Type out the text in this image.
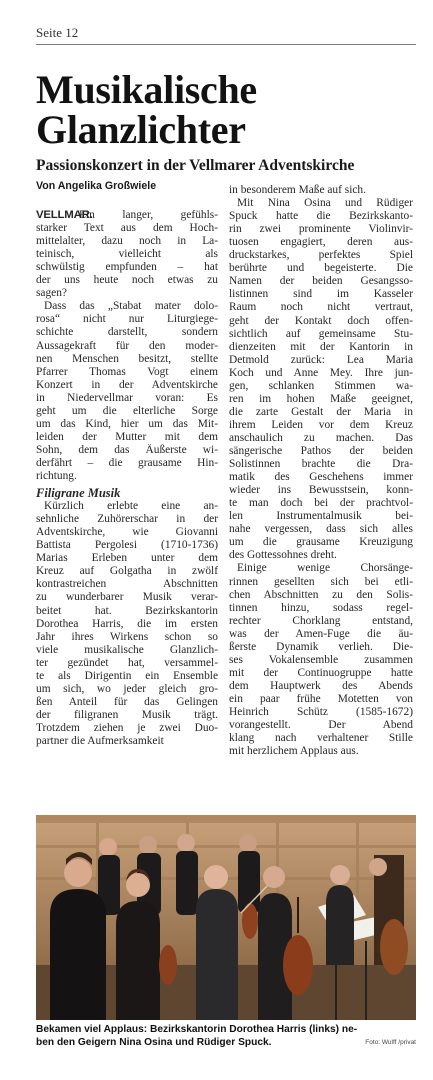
Seite 12
Musikalische
Glanzlichter
Passionskonzert in der Vellmarer Adventskirche
Von Angelika Großwiele
VELLMAR.
Ein langer, gefühls-
starker Text aus dem Hoch-
mittelalter, dazu noch in La-
teinisch, vielleicht als
schwülstig empfunden – hat
der uns heute noch etwas zu
sagen?
Dass das „Stabat mater dolo-
rosa“ nicht nur Liturgiege-
schichte darstellt, sondern
Aussagekraft für den moder-
nen Menschen besitzt, stellte
Pfarrer Thomas Vogt einem
Konzert in der Adventskirche
in Niedervellmar voran: Es
geht um die elterliche Sorge
um das Kind, hier um das Mit-
leiden der Mutter mit dem
Sohn, dem das Äußerste wi-
derfährt – die grausame Hin-
richtung.
Filigrane Musik
Kürzlich erlebte eine an-
sehnliche Zuhörerschar in der
Adventskirche, wie Giovanni
Battista Pergolesi (1710-1736)
Marias Erleben unter dem
Kreuz auf Golgatha in zwölf
kontrastreichen Abschnitten
zu wunderbarer Musik verar-
beitet hat. Bezirkskantorin
Dorothea Harris, die im ersten
Jahr ihres Wirkens schon so
viele musikalische Glanzlich-
ter gezündet hat, versammel-
te als Dirigentin ein Ensemble
um sich, wo jeder gleich gro-
ßen Anteil für das Gelingen
der filigranen Musik trägt.
Trotzdem ziehen je zwei Duo-
partner die Aufmerksamkeit
in besonderem Maße auf sich.
Mit Nina Osina und Rüdiger
Spuck hatte die Bezirkskanto-
rin zwei prominente Violinvir-
tuosen engagiert, deren aus-
druckstarkes, perfektes Spiel
berührte und begeisterte. Die
Namen der beiden Gesangsso-
listinnen sind im Kasseler
Raum noch nicht vertraut,
geht der Kontakt doch offen-
sichtlich auf gemeinsame Stu-
dienzeiten mit der Kantorin in
Detmold zurück: Lea Maria
Koch und Anne Mey. Ihre jun-
gen, schlanken Stimmen wa-
ren im hohen Maße geeignet,
die zarte Gestalt der Maria in
ihrem Leiden vor dem Kreuz
anschaulich zu machen. Das
sängerische Pathos der beiden
Solistinnen brachte die Dra-
matik des Geschehens immer
wieder ins Bewusstsein, konn-
te man doch bei der prachtvol-
len Instrumentalmusik bei-
nahe vergessen, dass sich alles
um die grausame Kreuzigung
des Gottessohnes dreht.
Einige wenige Chorsänge-
rinnen gesellten sich bei etli-
chen Abschnitten zu den Solis-
tinnen hinzu, sodass regel-
rechter Chorklang entstand,
was der Amen-Fuge die äu-
ßerste Dynamik verlieh. Die-
ses Vokalensemble zusammen
mit der Continuogruppe hatte
dem Hauptwerk des Abends
ein paar frühe Motetten von
Heinrich Schütz (1585-1672)
vorangestellt. Der Abend
klang nach verhaltener Stille
mit herzlichem Applaus aus.
Bekamen viel Applaus: Bezirkskantorin Dorothea Harris (links) ne-
ben den Geigern Nina Osina und Rüdiger Spuck.	Foto: Wulff /privat
